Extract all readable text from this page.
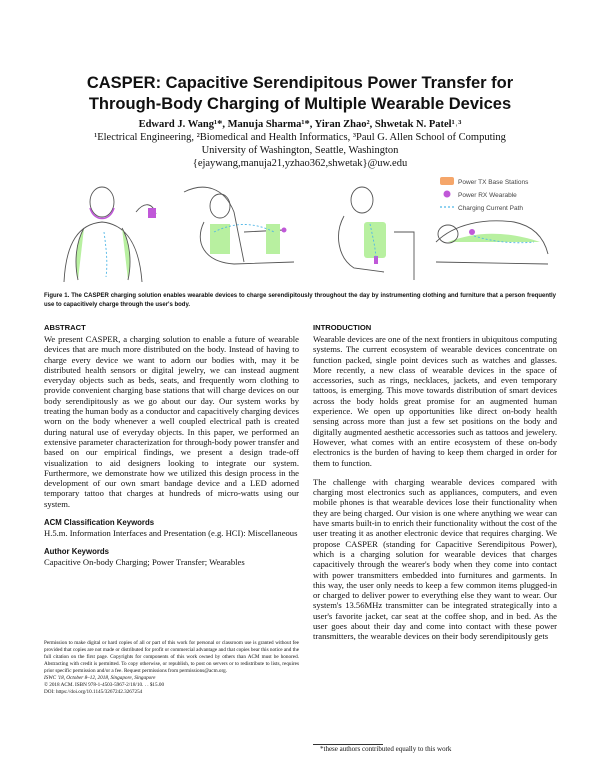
CASPER: Capacitive Serendipitous Power Transfer for
Through-Body Charging of Multiple Wearable Devices
Edward J. Wang¹*, Manuja Sharma¹*, Yiran Zhao², Shwetak N. Patel¹˒³
¹Electrical Engineering, ²Biomedical and Health Informatics, ³Paul G. Allen School of Computing
University of Washington, Seattle, Washington
{ejaywang,manuja21,yzhao362,shwetak}@uw.edu
Power TX Base Stations
Power RX Wearable
Charging Current Path
Figure 1. The CASPER charging solution enables wearable devices to charge serendipitously throughout the day by instrumenting clothing and furniture that a person frequently use to capacitively charge through the user's body.
ABSTRACT

We present CASPER, a charging solution to enable a future of wearable devices that are much more distributed on the body. Instead of having to charge every device we want to adorn our bodies with, may it be distributed health sensors or digital jewelry, we can instead augment everyday objects such as beds, seats, and frequently worn clothing to provide convenient charging base stations that will charge devices on our body serendipitously as we go about our day. Our system works by treating the human body as a conductor and capacitively charging devices worn on the body whenever a well coupled electrical path is created during natural use of everyday objects. In this paper, we performed an extensive parameter characterization for through-body power transfer and based on our empirical findings, we present a design trade-off visualization to aid designers looking to integrate our system. Furthermore, we demonstrate how we utilized this design process in the development of our own smart bandage device and a LED adorned temporary tattoo that charges at hundreds of micro-watts using our system.

ACM Classification Keywords

H.5.m. Information Interfaces and Presentation (e.g. HCI): Miscellaneous

Author Keywords

Capacitive On-body Charging; Power Transfer; Wearables

Permission to make digital or hard copies of all or part of this work for personal or classroom use is granted without fee provided that copies are not made or distributed for profit or commercial advantage and that copies bear this notice and the full citation on the first page. Copyrights for components of this work owned by others than ACM must be honored. Abstracting with credit is permitted. To copy otherwise, or republish, to post on servers or to redistribute to lists, requires prior specific permission and/or a fee. Request permissions from permissions@acm.org.

ISWC '18, October 8–12, 2018, Singapore, Singapore

© 2018 ACM. ISBN 978-1-4503-5967-2/18/10. . . $15.00

DOI: https://doi.org/10.1145/3267242.3267254

INTRODUCTION

Wearable devices are one of the next frontiers in ubiquitous computing systems. The current ecosystem of wearable devices concentrate on function packed, single point devices such as watches and glasses. More recently, a new class of wearable devices in the space of accessories, such as rings, necklaces, jackets, and even temporary tattoos, is emerging. This move towards distribution of smart devices across the body holds great promise for an augmented human experience. We open up opportunities like direct on-body health sensing across more than just a few set positions on the body and digitally augmented aesthetic accessories such as tattoos and jewelery. However, what comes with an entire ecosystem of these on-body electronics is the burden of having to keep them charged in order for them to function.

The challenge with charging wearable devices compared with charging most electronics such as appliances, computers, and even mobile phones is that wearable devices lose their functionality when they are being charged. Our vision is one where anything we wear can have smarts built-in to enrich their functionality without the cost of the user treating it as another electronic device that requires charging. We propose CASPER (standing for Capacitive Serendipitous Power), which is a charging solution for wearable devices that charges capacitively through the wearer's body when they come into contact with power transmitters embedded into furnitures and garments. In this way, the user only needs to keep a few common items plugged-in or charged to deliver power to everything else they want to wear. Our system's 13.56MHz transmitter can be integrated strategically into a user's favorite jacket, car seat at the coffee shop, and in bed. As the user goes about their day and come into contact with these power transmitters, the wearable devices on their body serendipitously gets

*these authors contributed equally to this work
